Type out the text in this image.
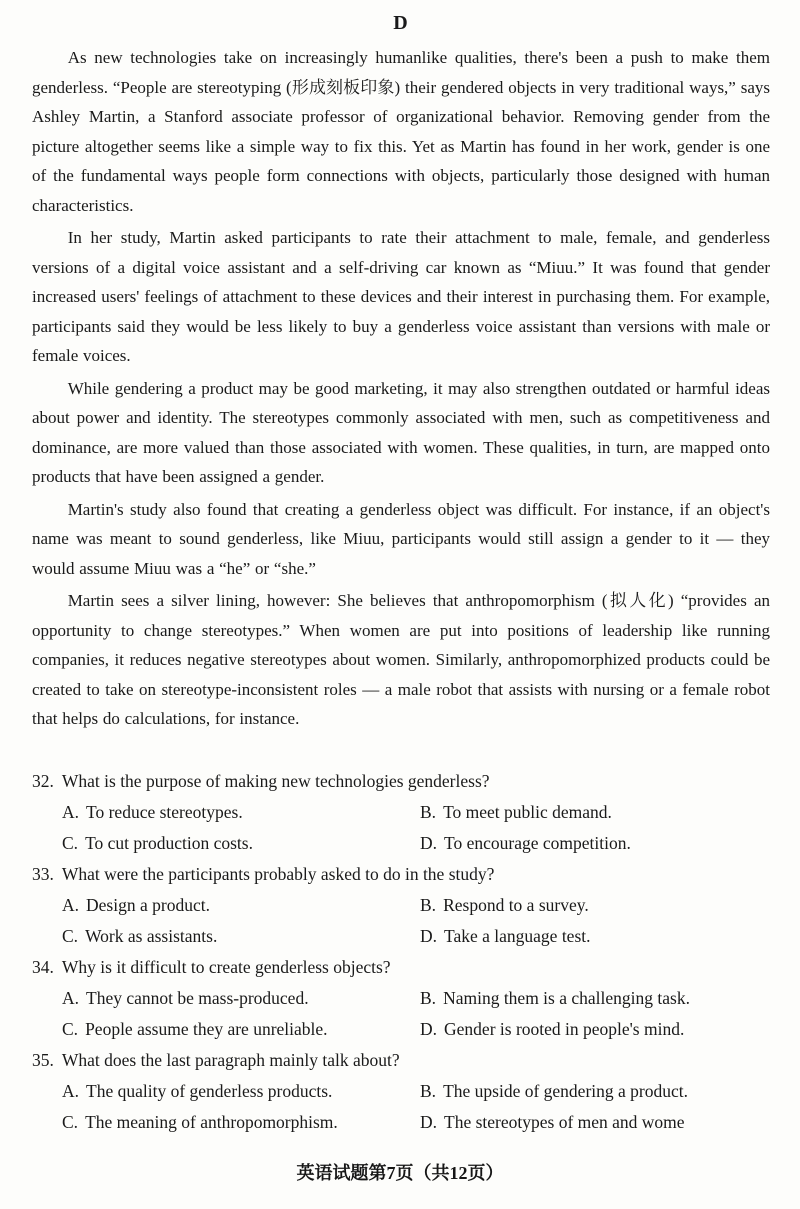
D

As new technologies take on increasingly humanlike qualities, there's been a push to make them genderless. “People are stereotyping (形成刻板印象) their gendered objects in very traditional ways,” says Ashley Martin, a Stanford associate professor of organizational behavior. Removing gender from the picture altogether seems like a simple way to fix this. Yet as Martin has found in her work, gender is one of the fundamental ways people form connections with objects, particularly those designed with human characteristics.

In her study, Martin asked participants to rate their attachment to male, female, and genderless versions of a digital voice assistant and a self-driving car known as “Miuu.” It was found that gender increased users' feelings of attachment to these devices and their interest in purchasing them. For example, participants said they would be less likely to buy a genderless voice assistant than versions with male or female voices.

While gendering a product may be good marketing, it may also strengthen outdated or harmful ideas about power and identity. The stereotypes commonly associated with men, such as competitiveness and dominance, are more valued than those associated with women. These qualities, in turn, are mapped onto products that have been assigned a gender.

Martin's study also found that creating a genderless object was difficult. For instance, if an object's name was meant to sound genderless, like Miuu, participants would still assign a gender to it — they would assume Miuu was a “he” or “she.”

Martin sees a silver lining, however: She believes that anthropomorphism (拟人化) “provides an opportunity to change stereotypes.” When women are put into positions of leadership like running companies, it reduces negative stereotypes about women. Similarly, anthropomorphized products could be created to take on stereotype-inconsistent roles — a male robot that assists with nursing or a female robot that helps do calculations, for instance.

32. What is the purpose of making new technologies genderless?
A. To reduce stereotypes.	B. To meet public demand.
C. To cut production costs.	D. To encourage competition.
33. What were the participants probably asked to do in the study?
A. Design a product.	B. Respond to a survey.
C. Work as assistants.	D. Take a language test.
34. Why is it difficult to create genderless objects?
A. They cannot be mass-produced.	B. Naming them is a challenging task.
C. People assume they are unreliable.	D. Gender is rooted in people's mind.
35. What does the last paragraph mainly talk about?
A. The quality of genderless products.	B. The upside of gendering a product.
C. The meaning of anthropomorphism.	D. The stereotypes of men and wome
英语试题第7页（共12页）
